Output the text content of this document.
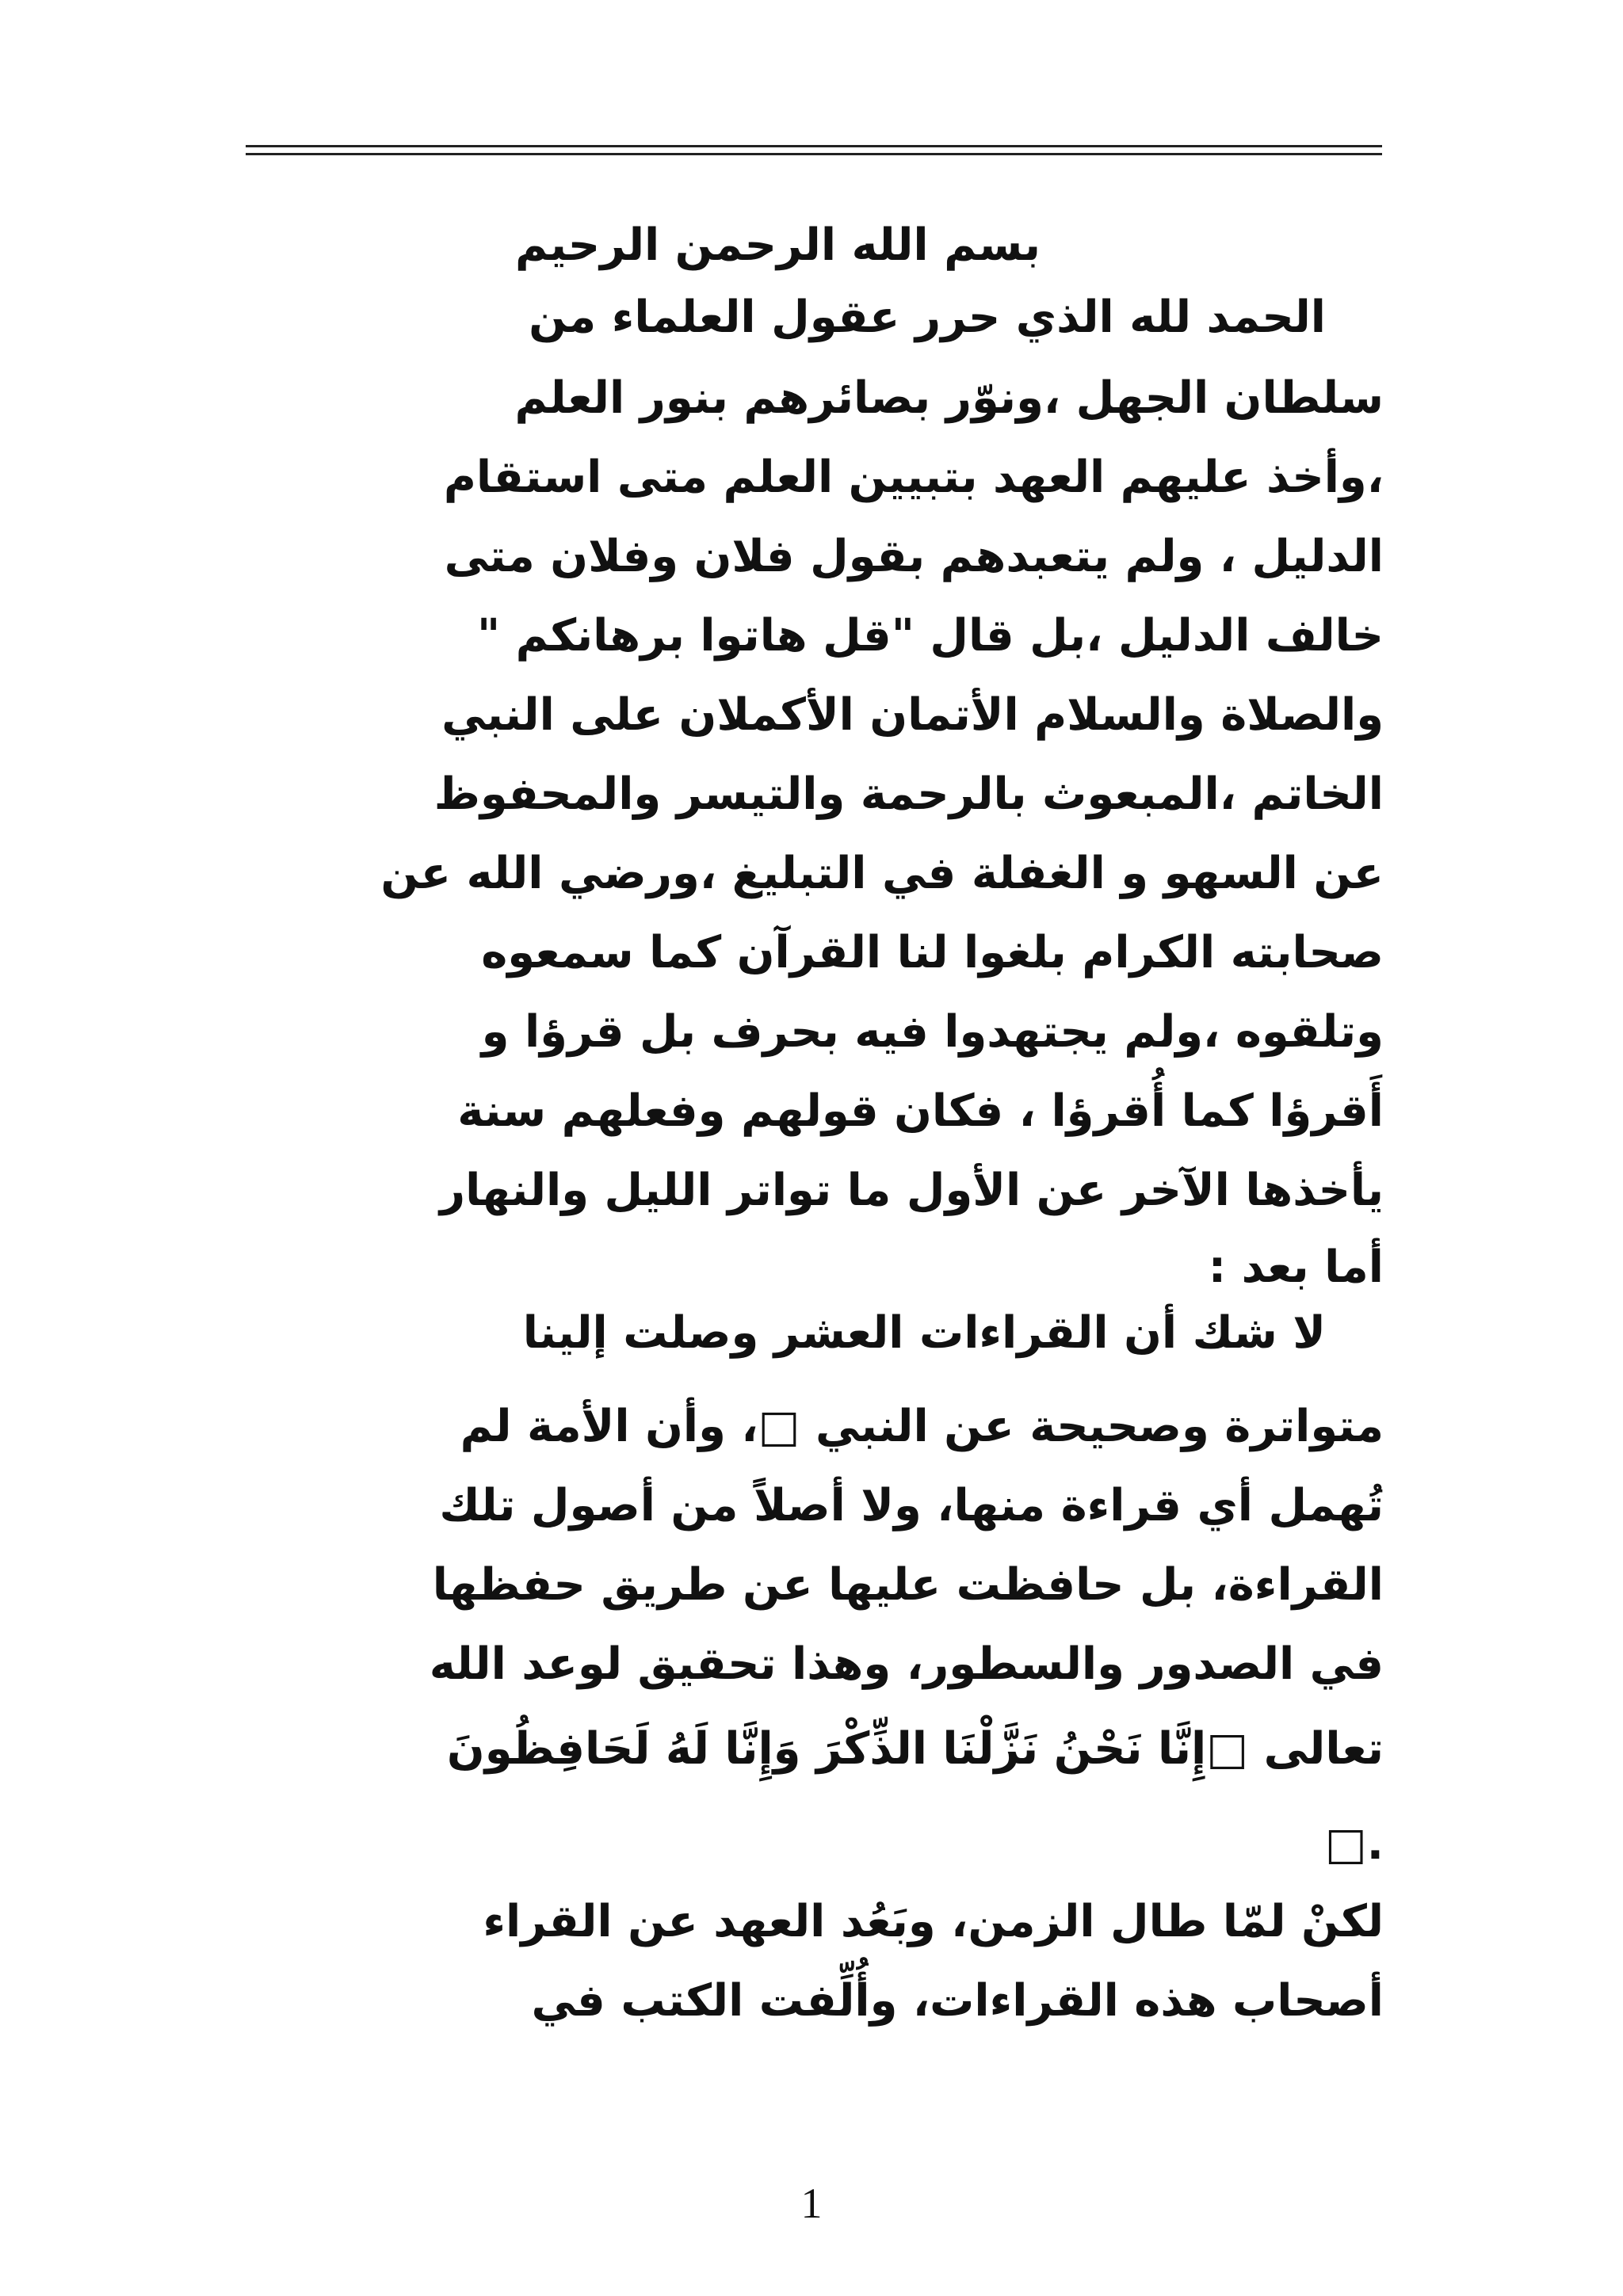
بسم الله الرحمن الرحيم
الحمد لله الذي حرر عقول العلماء من
سلطان الجهل ،ونوّر بصائرهم بنور العلم
،وأخذ عليهم العهد بتبيين العلم متى استقام
الدليل ، ولم يتعبدهم بقول فلان وفلان متى
خالف الدليل ،بل قال "قل هاتوا برهانكم "
والصلاة والسلام الأتمان الأكملان على النبي
الخاتم ،المبعوث بالرحمة والتيسر والمحفوظ
عن السهو و الغفلة في التبليغ ،ورضي الله عن
صحابته الكرام بلغوا لنا القرآن كما سمعوه
وتلقوه ،ولم يجتهدوا فيه بحرف بل قرؤا و
أَقرؤا كما أُقرؤا ، فكان قولهم وفعلهم سنة
يأخذها الآخر عن الأول ما تواتر الليل والنهار
أما بعد :
لا شك أن القراءات العشر وصلت إلينا
متواترة وصحيحة عن النبي □، وأن الأمة لم
تُهمل أي قراءة منها، ولا أصلاً من أصول تلك
القراءة، بل حافظت عليها عن طريق حفظها
في الصدور والسطور، وهذا تحقيق لوعد الله
تعالى □إِنَّا نَحْنُ نَزَّلْنَا الذِّكْرَ وَإِنَّا لَهُ لَحَافِظُونَ
□.
لكنْ لمّا طال الزمن، وبَعُد العهد عن القراء
أصحاب هذه القراءات، وأُلِّفت الكتب في
1
